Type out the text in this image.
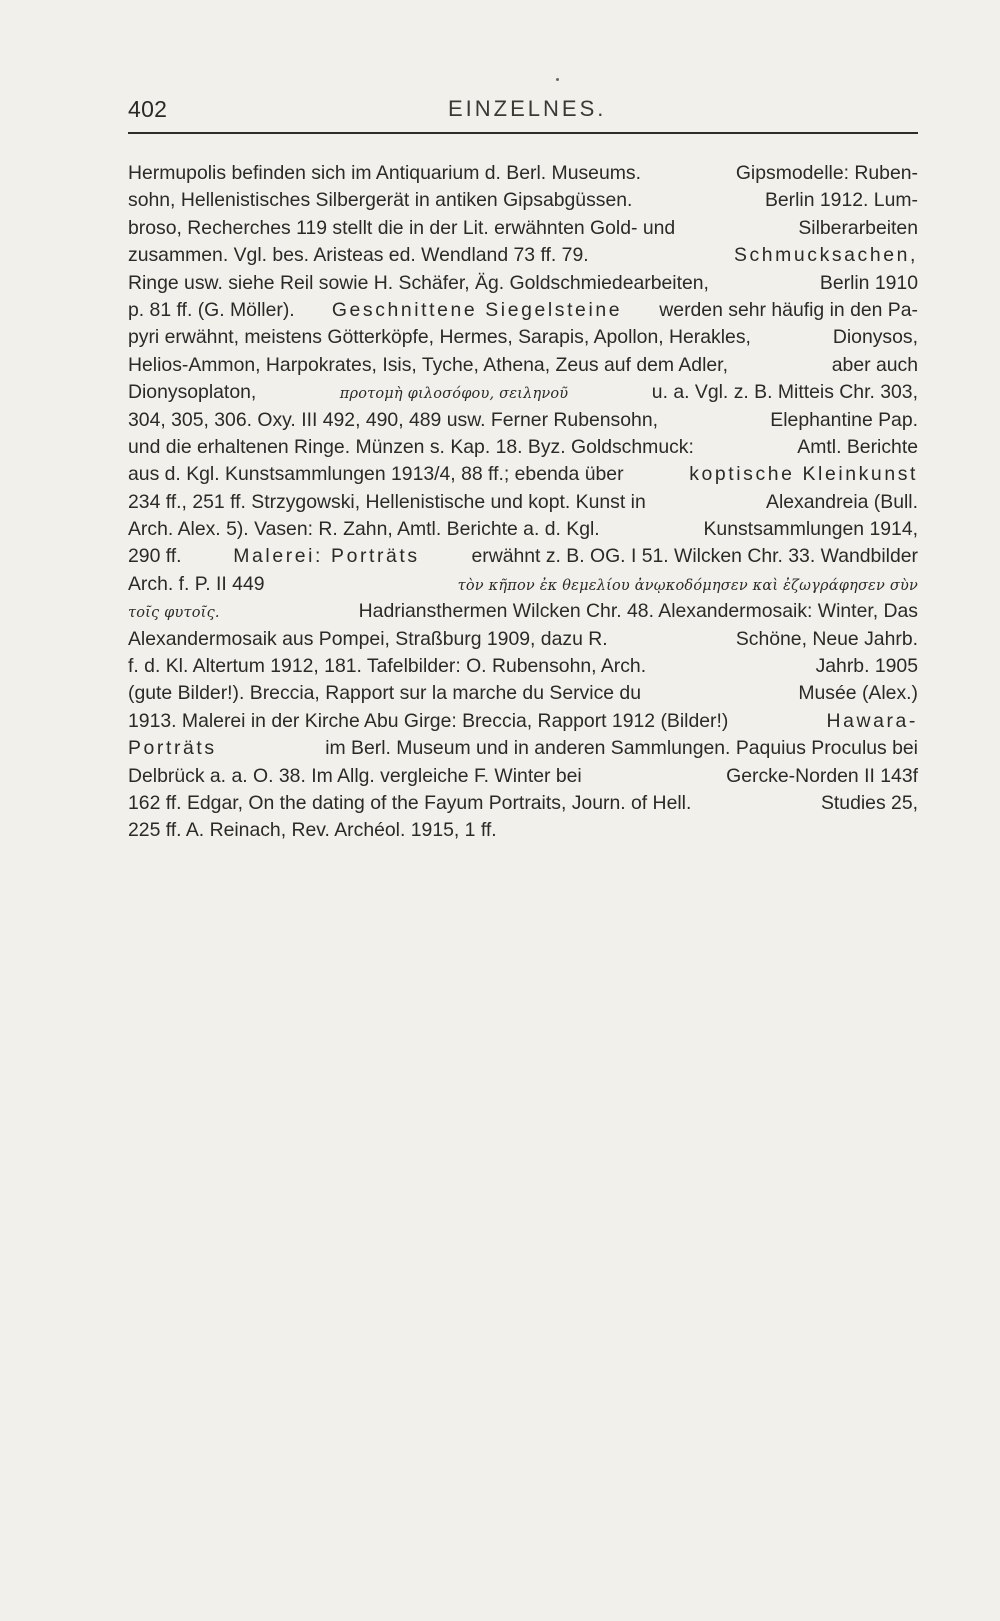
402	EINZELNES.
Hermupolis befinden sich im Antiquarium d. Berl. Museums.	Gipsmodelle: Ruben-
sohn, Hellenistisches Silbergerät in antiken Gipsabgüssen.	Berlin 1912. Lum-
broso, Recherches 119 stellt die in der Lit. erwähnten Gold- und	Silberarbeiten
zusammen. Vgl. bes. Aristeas ed. Wendland 73 ff. 79.	Schmucksachen,
Ringe usw. siehe Reil sowie H. Schäfer, Äg. Goldschmiedearbeiten,	Berlin 1910
p. 81 ff. (G. Möller). Geschnittene Siegelsteine werden sehr häufig in den Pa-
pyri erwähnt, meistens Götterköpfe, Hermes, Sarapis, Apollon, Herakles,	Dionysos,
Helios-Ammon, Harpokrates, Isis, Tyche, Athena, Zeus auf dem Adler,	aber auch
Dionysoplaton,	προτομὴ φιλοσόφου, σειληνοῦ	u. a. Vgl. z. B. Mitteis Chr. 303,
304, 305, 306. Oxy. III 492, 490, 489 usw. Ferner Rubensohn,	Elephantine Pap.
und die erhaltenen Ringe. Münzen s. Kap. 18. Byz. Goldschmuck:	Amtl. Berichte
aus d. Kgl. Kunstsammlungen 1913/4, 88 ff.; ebenda über	koptische Kleinkunst
234 ff., 251 ff. Strzygowski, Hellenistische und kopt. Kunst in	Alexandreia (Bull.
Arch. Alex. 5). Vasen: R. Zahn, Amtl. Berichte a. d. Kgl.	Kunstsammlungen 1914,
290 ff.	Malerei: Porträts	erwähnt z. B. OG. I 51. Wilcken Chr. 33. Wandbilder
Arch. f. P. II 449	τὸν κῆπον ἐκ θεμελίου ἀνῳκοδόμησεν καὶ ἐζωγράφησεν σὺν
τοῖς φυτοῖς.	Hadriansthermen Wilcken Chr. 48. Alexandermosaik: Winter, Das
Alexandermosaik aus Pompei, Straßburg 1909, dazu R.	Schöne, Neue Jahrb.
f. d. Kl. Altertum 1912, 181. Tafelbilder: O. Rubensohn, Arch.	Jahrb. 1905
(gute Bilder!). Breccia, Rapport sur la marche du Service du	Musée (Alex.)
1913. Malerei in der Kirche Abu Girge: Breccia, Rapport 1912 (Bilder!)	Hawara-
Porträts	im Berl. Museum und in anderen Sammlungen. Paquius Proculus bei
Delbrück a. a. O. 38. Im Allg. vergleiche F. Winter bei	Gercke-Norden II 143f
162 ff. Edgar, On the dating of the Fayum Portraits, Journ. of Hell.	Studies 25,
225 ff. A. Reinach, Rev. Archéol. 1915, 1 ff.
